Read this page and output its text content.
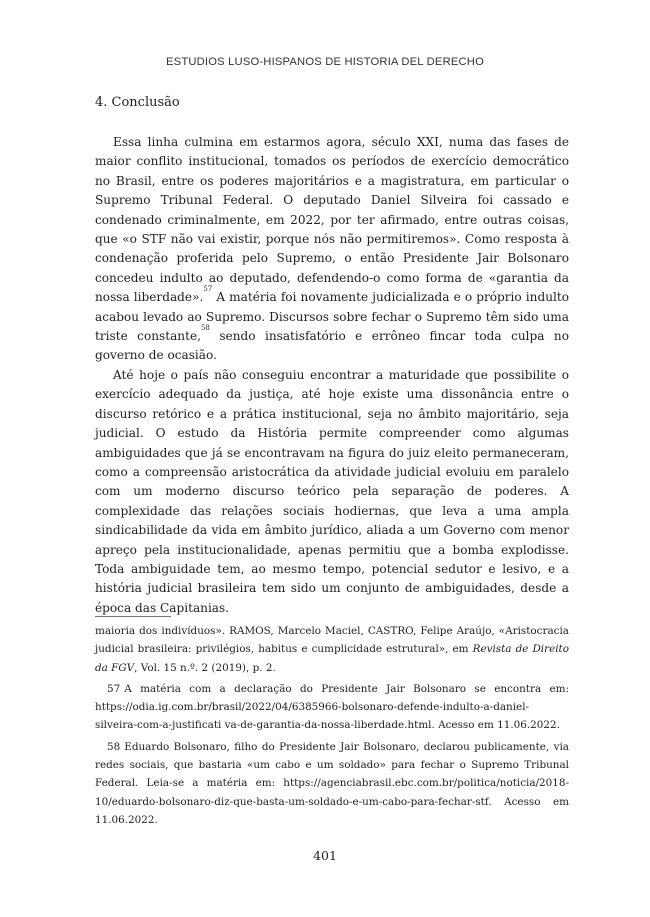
ESTUDIOS LUSO-HISPANOS DE HISTORIA DEL DERECHO
4. Conclusão

Essa linha culmina em estarmos agora, século XXI, numa das fases de maior conflito institucional, tomados os períodos de exercício democrático no Brasil, entre os poderes majoritários e a magistratura, em particular o Supremo Tribunal Federal. O deputado Daniel Silveira foi cassado e condenado criminalmente, em 2022, por ter afirmado, entre outras coisas, que «o STF não vai existir, porque nós não permitiremos». Como resposta à condenação proferida pelo Supremo, o então Presidente Jair Bolsonaro concedeu indulto ao deputado, defendendo-o como forma de «garantia da nossa liberdade».$^{57}$ A matéria foi novamente judicializada e o próprio indulto acabou levado ao Supremo. Discursos sobre fechar o Supremo têm sido uma triste constante,$^{58}$ sendo insatisfatório e errôneo fincar toda culpa no governo de ocasião.

Até hoje o país não conseguiu encontrar a maturidade que possibilite o exercício adequado da justiça, até hoje existe uma dissonância entre o discurso retórico e a prática institucional, seja no âmbito majoritário, seja judicial. O estudo da História permite compreender como algumas ambiguidades que já se encontravam na figura do juiz eleito permaneceram, como a compreensão aristocrática da atividade judicial evoluiu em paralelo com um moderno discurso teórico pela separação de poderes. A complexidade das relações sociais hodiernas, que leva a uma ampla sindicabilidade da vida em âmbito jurídico, aliada a um Governo com menor apreço pela institucionalidade, apenas permitiu que a bomba explodisse. Toda ambiguidade tem, ao mesmo tempo, potencial sedutor e lesivo, e a história judicial brasileira tem sido um conjunto de ambiguidades, desde a época das Capitanias.

maioria dos indivíduos». RAMOS, Marcelo Maciel, CASTRO, Felipe Araújo, «Aristocracia judicial brasileira: privilégios, habitus e cumplicidade estrutural», em Revista de Direito da FGV, Vol. 15 n.º. 2 (2019), p. 2.

57 A matéria com a declaração do Presidente Jair Bolsonaro se encontra em: https://odia.ig.com.br/brasil/2022/04/6385966-bolsonaro-defende-indulto-a-daniel-silveira-com-a-justificati va-de-garantia-da-nossa-liberdade.html. Acesso em 11.06.2022.

58 Eduardo Bolsonaro, filho do Presidente Jair Bolsonaro, declarou publicamente, via redes sociais, que bastaria «um cabo e um soldado» para fechar o Supremo Tribunal Federal. Leia-se a matéria em: https://agenciabrasil.ebc.com.br/politica/noticia/2018-10/eduardo-bolsonaro-diz-que-basta-um-soldado-e-um-cabo-para-fechar-stf. Acesso em 11.06.2022.

401
